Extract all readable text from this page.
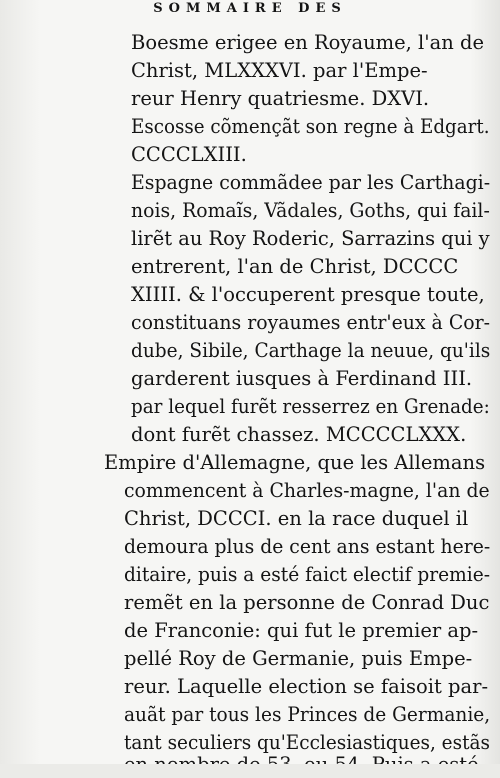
SOMMAIRE DES
Boesme erigee en Royaume, l'an de
Christ, MLXXXVI. par l'Empe-
reur Henry quatriesme. DXVI.
Escosse cõmençãt son regne à Edgart.
CCCCLXIII.
Espagne commãdee par les Carthagi-
nois, Romaĩs, Vãdales, Goths, qui fail-
lirẽt au Roy Roderic, Sarrazins qui y
entrerent, l'an de Christ, DCCCC
XIIII. & l'occuperent presque toute,
constituans royaumes entr'eux à Cor-
dube, Sibile, Carthage la neuue, qu'ils
garderent iusques à Ferdinand III.
par lequel furẽt resserrez en Grenade:
dont furẽt chassez. MCCCCLXXX.
Empire d'Allemagne, que les Allemans
commencent à Charles-magne, l'an de
Christ, DCCCI. en la race duquel il
demoura plus de cent ans estant here-
ditaire, puis a esté faict electif premie-
remẽt en la personne de Conrad Duc
de Franconie: qui fut le premier ap-
pellé Roy de Germanie, puis Empe-
reur. Laquelle election se faisoit par-
auãt par tous les Princes de Germanie,
tant seculiers qu'Ecclesiastiques, estãs
